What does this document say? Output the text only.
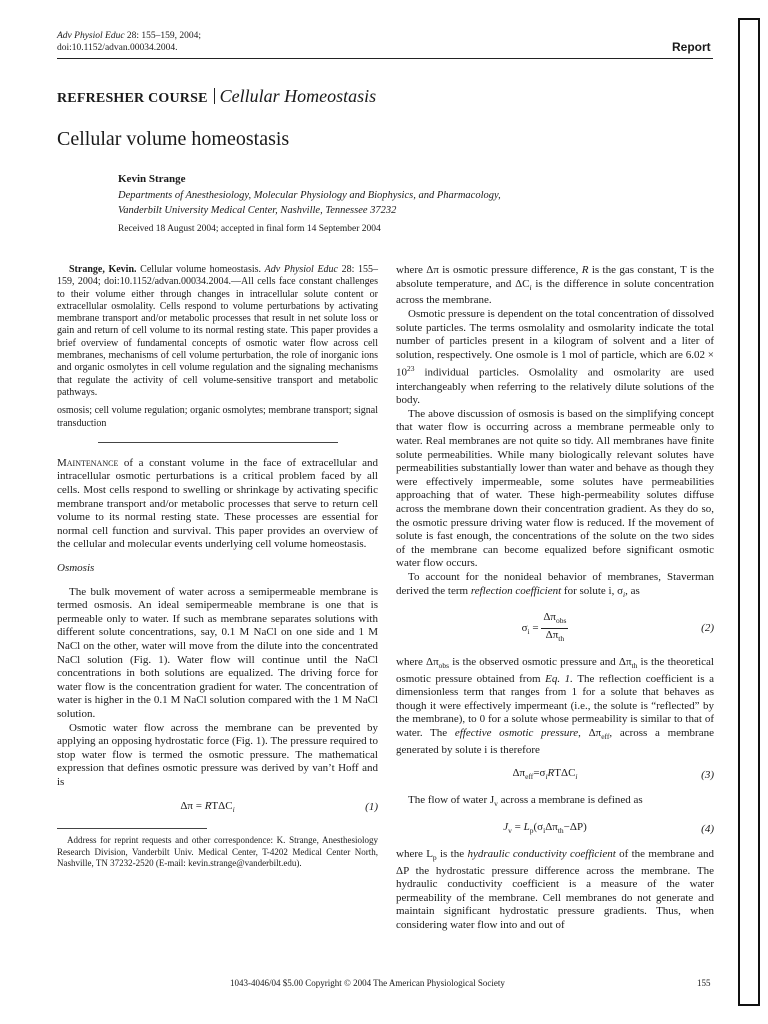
Adv Physiol Educ 28: 155–159, 2004;
doi:10.1152/advan.00034.2004.	Report
REFRESHER COURSE Cellular Homeostasis
Cellular volume homeostasis
Kevin Strange
Departments of Anesthesiology, Molecular Physiology and Biophysics, and Pharmacology,
Vanderbilt University Medical Center, Nashville, Tennessee 37232
Received 18 August 2004; accepted in final form 14 September 2004

Strange, Kevin. Cellular volume homeostasis. Adv Physiol Educ 28: 155–159, 2004; doi:10.1152/advan.00034.2004.—All cells face constant challenges to their volume either through changes in intracellular solute content or extracellular osmolality. Cells respond to volume perturbations by activating membrane transport and/or metabolic processes that result in net solute loss or gain and return of cell volume to its normal resting state. This paper provides a brief overview of fundamental concepts of osmotic water flow across cell membranes, mechanisms of cell volume perturbation, the role of inorganic ions and organic osmolytes in cell volume regulation and the signaling mechanisms that regulate the activity of cell volume-sensitive transport and metabolic pathways.

osmosis; cell volume regulation; organic osmolytes; membrane transport; signal transduction

Maintenance of a constant volume in the face of extracellular and intracellular osmotic perturbations is a critical problem faced by all cells. Most cells respond to swelling or shrinkage by activating specific membrane transport and/or metabolic processes that serve to return cell volume to its normal resting state. These processes are essential for normal cell function and survival. This paper provides an overview of the cellular and molecular events underlying cell volume homeostasis.

Osmosis

The bulk movement of water across a semipermeable membrane is termed osmosis. An ideal semipermeable membrane is one that is permeable only to water. If such as membrane separates solutions with different solute concentrations, say, 0.1 M NaCl on one side and 1 M NaCl on the other, water will move from the dilute into the concentrated NaCl solution (Fig. 1). Water flow will continue until the NaCl concentrations in both solutions are equalized. The driving force for water flow is the concentration gradient for water. The concentration of water is higher in the 0.1 M NaCl solution compared with the 1 M NaCl solution.

Osmotic water flow across the membrane can be prevented by applying an opposing hydrostatic force (Fig. 1). The pressure required to stop water flow is termed the osmotic pressure. The mathematical expression that defines osmotic pressure was derived by van’t Hoff and is

$\Delta\pi = RT\Delta C_i$	(1)

Address for reprint requests and other correspondence: K. Strange, Anesthesiology Research Division, Vanderbilt Univ. Medical Center, T-4202 Medical Center North, Nashville, TN 37232-2520 (E-mail: kevin.strange@vanderbilt.edu).

where Δπ is osmotic pressure difference, R is the gas constant, T is the absolute temperature, and $\Delta C_i$ is the difference in solute concentration across the membrane.

Osmotic pressure is dependent on the total concentration of dissolved solute particles. The terms osmolality and osmolarity indicate the total number of particles present in a kilogram of solvent and a liter of solution, respectively. One osmole is 1 mol of particle, which are $6.02 \times 10^{23}$ individual particles. Osmolality and osmolarity are used interchangeably when referring to the relatively dilute solutions of the body.

The above discussion of osmosis is based on the simplifying concept that water flow is occurring across a membrane permeable only to water. Real membranes are not quite so tidy. All membranes have finite solute permeabilities. While many biologically relevant solutes have permeabilities substantially lower than water and behave as though they were effectively impermeable, some solutes have permeabilities approaching that of water. These high-permeability solutes diffuse across the membrane down their concentration gradient. As they do so, the osmotic pressure driving water flow is reduced. If the movement of solute is fast enough, the concentrations of the solute on the two sides of the membrane can become equalized before significant osmotic water flow occurs.

To account for the nonideal behavior of membranes, Staverman derived the term reflection coefficient for solute i, $\sigma_i$, as

$\sigma_i = \frac{\Delta\pi_{obs}}{\Delta\pi_{th}}$	(2)

where $\Delta\pi_{obs}$ is the observed osmotic pressure and $\Delta\pi_{th}$ is the theoretical osmotic pressure obtained from Eq. 1. The reflection coefficient is a dimensionless term that ranges from 1 for a solute that behaves as though it were effectively impermeant (i.e., the solute is “reflected” by the membrane), to 0 for a solute whose permeability is similar to that of water. The effective osmotic pressure, $\Delta\pi_{eff}$, across a membrane generated by solute i is therefore

$\Delta\pi_{eff}=\sigma_iRT\Delta C_i$	(3)

The flow of water $J_v$ across a membrane is defined as

$J_v = L_p(\sigma_i\Delta\pi_{th}-\Delta P)$	(4)

where $L_p$ is the hydraulic conductivity coefficient of the membrane and ΔP the hydrostatic pressure difference across the membrane. The hydraulic conductivity coefficient is a measure of the water permeability of the membrane. Cell membranes do not generate and maintain significant hydrostatic pressure gradients. Thus, when considering water flow into and out of

1043-4046/04 $5.00 Copyright © 2004 The American Physiological Society	155
